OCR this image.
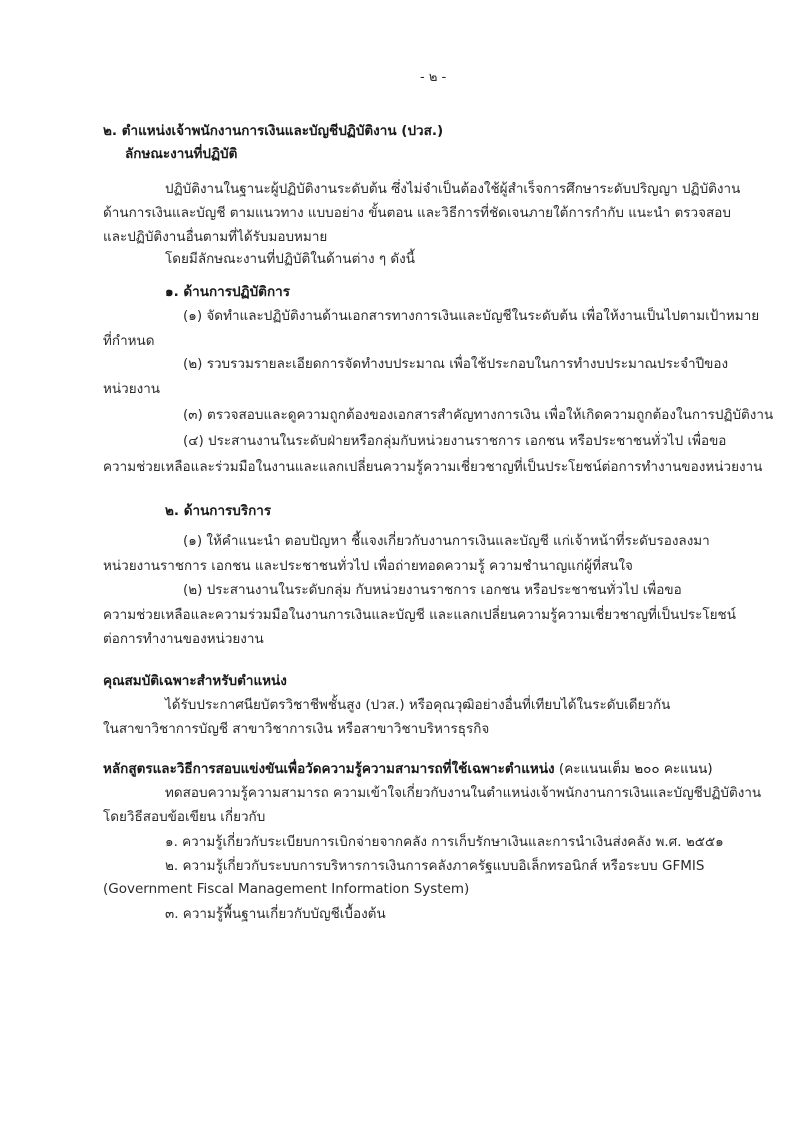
- ๒ -
๒. ตำแหน่งเจ้าพนักงานการเงินและบัญชีปฏิบัติงาน (ปวส.)
ลักษณะงานที่ปฏิบัติ
ปฏิบัติงานในฐานะผู้ปฏิบัติงานระดับต้น ซึ่งไม่จำเป็นต้องใช้ผู้สำเร็จการศึกษาระดับปริญญา ปฏิบัติงาน
ด้านการเงินและบัญชี ตามแนวทาง แบบอย่าง ขั้นตอน และวิธีการที่ชัดเจนภายใต้การกำกับ แนะนำ ตรวจสอบ
และปฏิบัติงานอื่นตามที่ได้รับมอบหมาย
โดยมีลักษณะงานที่ปฏิบัติในด้านต่าง ๆ ดังนี้
๑. ด้านการปฏิบัติการ
(๑) จัดทำและปฏิบัติงานด้านเอกสารทางการเงินและบัญชีในระดับต้น เพื่อให้งานเป็นไปตามเป้าหมาย
ที่กำหนด
(๒) รวบรวมรายละเอียดการจัดทำงบประมาณ เพื่อใช้ประกอบในการทำงบประมาณประจำปีของ
หน่วยงาน
(๓) ตรวจสอบและดูความถูกต้องของเอกสารสำคัญทางการเงิน เพื่อให้เกิดความถูกต้องในการปฏิบัติงาน
(๔) ประสานงานในระดับฝ่ายหรือกลุ่มกับหน่วยงานราชการ เอกชน หรือประชาชนทั่วไป เพื่อขอ
ความช่วยเหลือและร่วมมือในงานและแลกเปลี่ยนความรู้ความเชี่ยวชาญที่เป็นประโยชน์ต่อการทำงานของหน่วยงาน
๒. ด้านการบริการ
(๑) ให้คำแนะนำ ตอบปัญหา ชี้แจงเกี่ยวกับงานการเงินและบัญชี แก่เจ้าหน้าที่ระดับรองลงมา
หน่วยงานราชการ เอกชน และประชาชนทั่วไป เพื่อถ่ายทอดความรู้ ความชำนาญแก่ผู้ที่สนใจ
(๒) ประสานงานในระดับกลุ่ม กับหน่วยงานราชการ เอกชน หรือประชาชนทั่วไป เพื่อขอ
ความช่วยเหลือและความร่วมมือในงานการเงินและบัญชี และแลกเปลี่ยนความรู้ความเชี่ยวชาญที่เป็นประโยชน์
ต่อการทำงานของหน่วยงาน
คุณสมบัติเฉพาะสำหรับตำแหน่ง
ได้รับประกาศนียบัตรวิชาชีพชั้นสูง (ปวส.) หรือคุณวุฒิอย่างอื่นที่เทียบได้ในระดับเดียวกัน
ในสาขาวิชาการบัญชี สาขาวิชาการเงิน หรือสาขาวิชาบริหารธุรกิจ
หลักสูตรและวิธีการสอบแข่งขันเพื่อวัดความรู้ความสามารถที่ใช้เฉพาะตำแหน่ง (คะแนนเต็ม ๒๐๐ คะแนน)
ทดสอบความรู้ความสามารถ ความเข้าใจเกี่ยวกับงานในตำแหน่งเจ้าพนักงานการเงินและบัญชีปฏิบัติงาน
โดยวิธีสอบข้อเขียน เกี่ยวกับ
๑. ความรู้เกี่ยวกับระเบียบการเบิกจ่ายจากคลัง การเก็บรักษาเงินและการนำเงินส่งคลัง พ.ศ. ๒๕๕๑
๒. ความรู้เกี่ยวกับระบบการบริหารการเงินการคลังภาครัฐแบบอิเล็กทรอนิกส์ หรือระบบ GFMIS
(Government Fiscal Management Information System)
๓. ความรู้พื้นฐานเกี่ยวกับบัญชีเบื้องต้น
